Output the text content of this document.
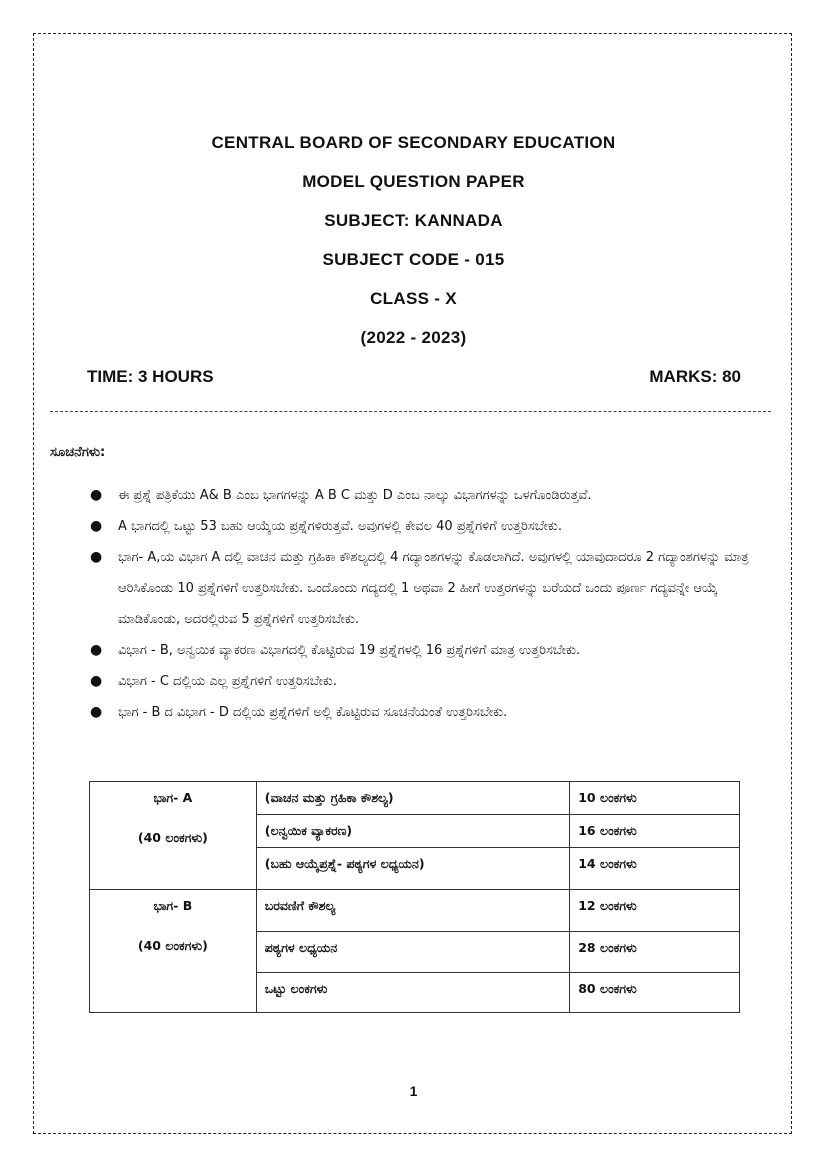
CENTRAL BOARD OF SECONDARY EDUCATION
MODEL QUESTION PAPER
SUBJECT: KANNADA
SUBJECT CODE - 015
CLASS - X
(2022 - 2023)
TIME: 3 HOURS	MARKS: 80
ಸೂಚನೆಗಳು:
● ಈ ಪ್ರಶ್ನೆ ಪತ್ರಿಕೆಯು A& B ಎಂಬ ಭಾಗಗಳನ್ನು A B C ಮತ್ತು D ಎಂಬ ನಾಲ್ಕು ವಿಭಾಗಗಳನ್ನು ಒಳಗೊಂಡಿರುತ್ತವೆ.
● A ಭಾಗದಲ್ಲಿ ಒಟ್ಟು 53 ಬಹು ಆಯ್ಕೆಯ ಪ್ರಶ್ನೆಗಳಿರುತ್ತವೆ. ಅವುಗಳಲ್ಲಿ ಕೇವಲ 40 ಪ್ರಶ್ನೆಗಳಿಗೆ ಉತ್ತರಿಸಬೇಕು.
● ಭಾಗ- A,ಯ ವಿಭಾಗ A ದಲ್ಲಿ ವಾಚನ ಮತ್ತು ಗ್ರಹಿಕಾ ಕೌಶಲ್ಯದಲ್ಲಿ 4 ಗದ್ಯಾಂಶಗಳನ್ನು ಕೊಡಲಾಗಿದೆ. ಅವುಗಳಲ್ಲಿ ಯಾವುದಾದರೂ 2 ಗದ್ಯಾಂಶಗಳನ್ನು ಮಾತ್ರ ಆರಿಸಿಕೊಂಡು 10 ಪ್ರಶ್ನೆಗಳಿಗೆ ಉತ್ತರಿಸಬೇಕು. ಒಂದೊಂದು ಗದ್ಯದಲ್ಲಿ 1 ಅಥವಾ 2 ಹೀಗೆ ಉತ್ತರಗಳನ್ನು ಬರೆಯದೆ ಒಂದು ಪೂರ್ಣ ಗದ್ಯವನ್ನೇ ಆಯ್ಕೆ ಮಾಡಿಕೊಂಡು, ಅದರಲ್ಲಿರುವ 5 ಪ್ರಶ್ನೆಗಳಿಗೆ ಉತ್ತರಿಸಬೇಕು.
● ವಿಭಾಗ - B, ಅನ್ವಯಿಕ ವ್ಯಾಕರಣ ವಿಭಾಗದಲ್ಲಿ ಕೊಟ್ಟಿರುವ 19 ಪ್ರಶ್ನೆಗಳಲ್ಲಿ 16 ಪ್ರಶ್ನೆಗಳಿಗೆ ಮಾತ್ರ ಉತ್ತರಿಸಬೇಕು.
● ವಿಭಾಗ - C ದಲ್ಲಿಯ ಎಲ್ಲ ಪ್ರಶ್ನೆಗಳಿಗೆ ಉತ್ತರಿಸಬೇಕು.
● ಭಾಗ - B ದ ವಿಭಾಗ - D ದಲ್ಲಿಯ ಪ್ರಶ್ನೆಗಳಿಗೆ ಅಲ್ಲಿ ಕೊಟ್ಟಿರುವ ಸೂಚನೆಯಂತೆ ಉತ್ತರಿಸಬೇಕು.
ಭಾಗ- A
(40 ಲಂಕಗಳು)	(ವಾಚನ ಮತ್ತು ಗ್ರಹಿಕಾ ಕೌಶಲ್ಯ)	10 ಲಂಕಗಳು
	(ಲನ್ವಯಿಕ ವ್ಯಾಕರಣ)	16 ಲಂಕಗಳು
	(ಬಹು ಆಯ್ಕೆಪ್ರಶ್ನೆ- ಪಠ್ಯಗಳ ಲಧ್ಯಯನ)	14 ಲಂಕಗಳು

ಭಾಗ- B
(40 ಲಂಕಗಳು)	ಬರವಣಿಗೆ ಕೌಶಲ್ಯ	12 ಲಂಕಗಳು
	ಪಠ್ಯಗಳ ಲಧ್ಯಯನ	28 ಲಂಕಗಳು
	ಒಟ್ಟು ಲಂಕಗಳು	80 ಲಂಕಗಳು
1
